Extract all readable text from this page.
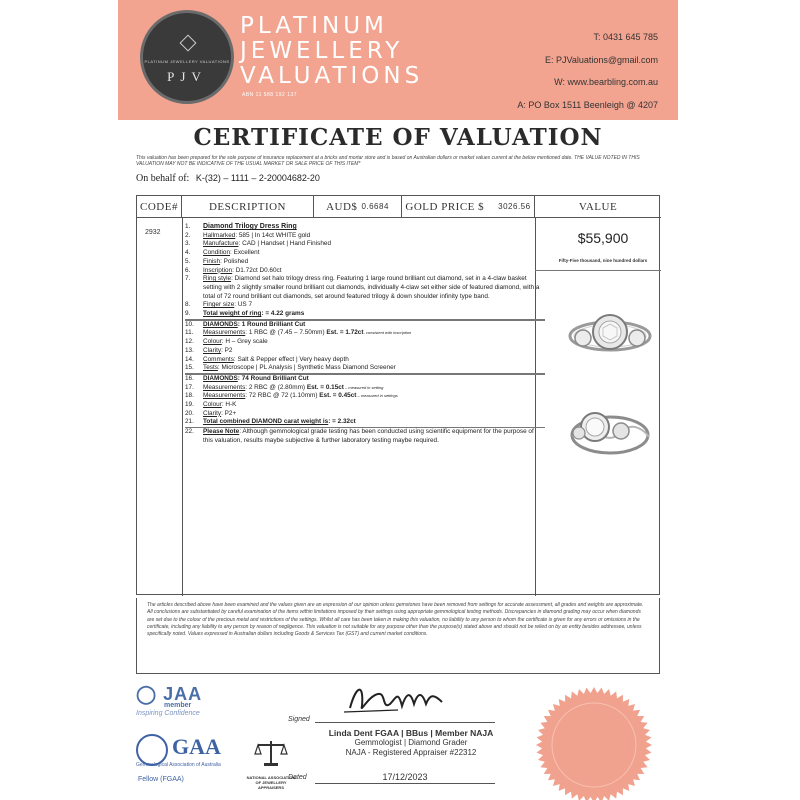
PLATINUM JEWELLERY VALUATIONS
PJV
PLATINUM
JEWELLERY
VALUATIONS
ABN 11 588 192 137
T: 0431 645 785
E: PJValuations@gmail.com
W: www.bearbling.com.au
A: PO Box 1511 Beenleigh @ 4207
CERTIFICATE OF VALUATION
This valuation has been prepared for the sole purpose of insurance replacement at a bricks and mortar store and is based on Australian dollars or market values current at the below mentioned date. THE VALUE NOTED IN THIS VALUATION MAY NOT BE INDICATIVE OF THE USUAL MARKET OR SALE PRICE OF THIS ITEM*
On behalf of: K-(32) – 1111 – 2-20004682-20
CODE#	DESCRIPTION	AUD$ 0.6684 GOLD PRICE $ 3026.56	VALUE
2932
1.	Diamond Trilogy Dress Ring
2.	Hallmarked: 585 | In 14ct WHITE gold
3.	Manufacture: CAD | Handset | Hand Finished
4.	Condition: Excellent
5.	Finish: Polished
6.	Inscription: D1.72ct D0.60ct
7.	Ring style: Diamond set halo trilogy dress ring. Featuring 1 large round brilliant cut diamond, set in a 4-claw basket setting with 2 slightly smaller round brilliant cut diamonds, individually 4-claw set either side of featured diamond, with a total of 72 round brilliant cut diamonds, set around featured trilogy & down shoulder infinity type band.
8.	Finger size: US 7
9.	Total weight of ring: = 4.22 grams
10.	DIAMONDS: 1 Round Brilliant Cut
11.	Measurements: 1 RBC @ (7.45 – 7.50mm) Est. = 1.72ct- consistent with inscription
12.	Colour: H – Grey scale
13.	Clarity: P2
14.	Comments: Salt & Pepper effect | Very heavy depth
15.	Tests: Microscope | PL Analysis | Synthetic Mass Diamond Screener
16.	DIAMONDS: 74 Round Brilliant Cut
17.	Measurements: 2 RBC @ (2.80mm) Est. = 0.15ct – measured in setting
18.	Measurements: 72 RBC @ 72 (1.10mm) Est. = 0.45ct – measured in settings
19.	Colour: H-K
20.	Clarity: P2+
21.	Total combined DIAMOND carat weight is: = 2.32ct
22.	Please Note: Although gemmological grade testing has been conducted using scientific equipment for the purpose of this valuation, results maybe subjective & further laboratory testing maybe required.
$55,900
Fifty-Five thousand, nine hundred dollars
The articles described above have been examined and the values given are an expression of our opinion unless gemstones have been removed from settings for accurate assessment, all grades and weights are approximate. All conclusions are substantiated by careful examination of the items within limitations imposed by their settings using appropriate gemmological testing methods. Discrepancies in diamond grading may occur when diamonds are set due to the colour of the precious metal and restrictions of the settings. Whilst all care has been taken in making this valuation, no liability to any person to whom the certificate is given for any errors or omissions in the certificate, including any liability to any person by reason of negligence. This valuation is not suitable for any purpose other than the purpose(s) stated above and should not be relied on by an entity besides addressee, unless specifically noted. Values expressed in Australian dollars including Goods & Services Tax (GST) and current market conditions.
◯ JAA
member
Inspiring Confidence
GAA
Gemmological Association of Australia
Fellow (FGAA)	NATIONAL ASSOCIATION OF JEWELLERY APPRAISERS
Signed
Linda Dent FGAA | BBus | Member NAJA
Gemmologist | Diamond Grader
NAJA - Registered Appraiser #22312
Dated	17/12/2023
